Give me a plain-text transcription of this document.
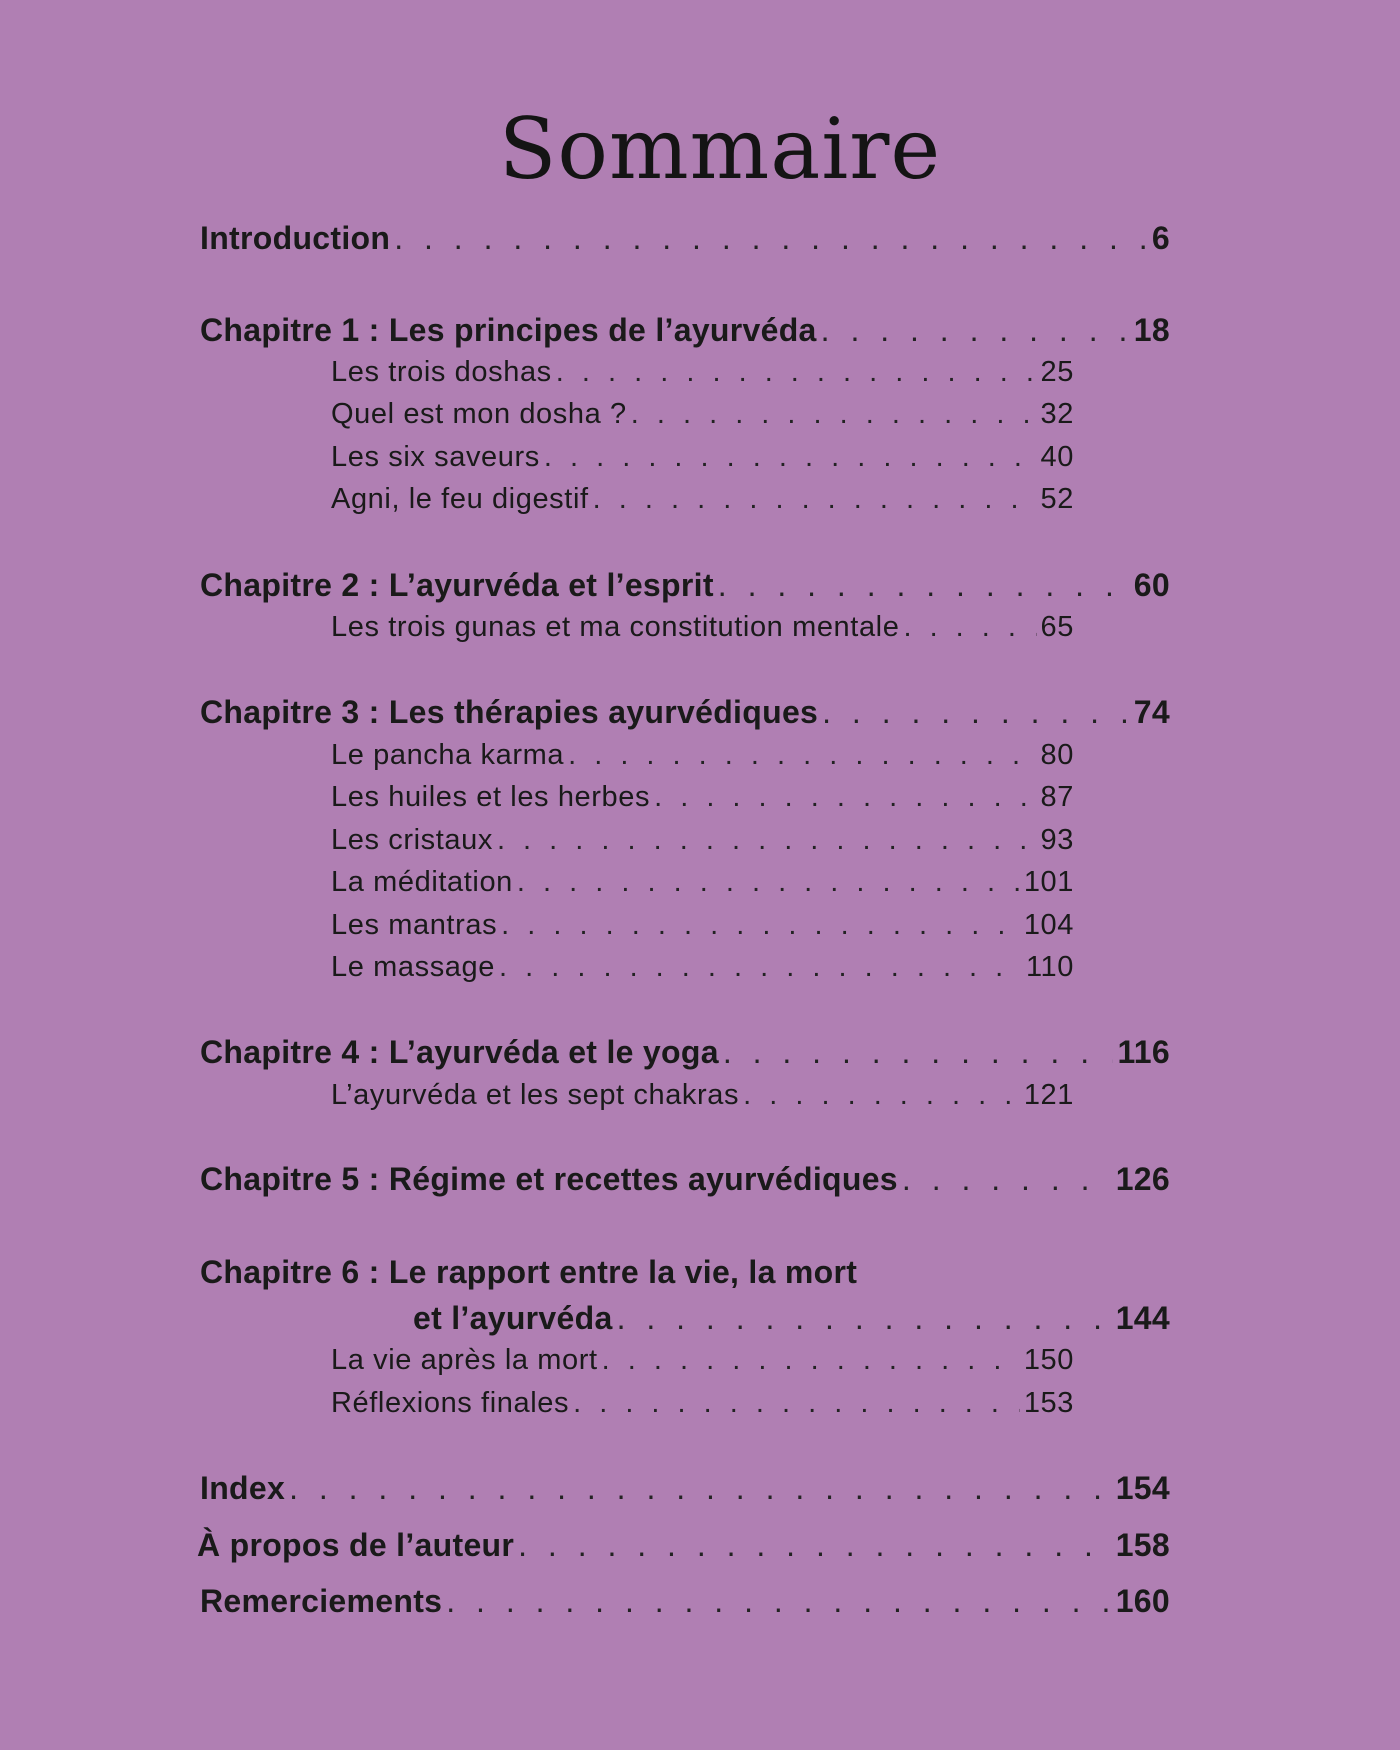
Sommaire
Introduction . . .	6
Chapitre 1 : Les principes de l’ayurvéda . . .	18
Les trois doshas . . .	25
Quel est mon dosha ? . . .	32
Les six saveurs . . .	40
Agni, le feu digestif . . .	52
Chapitre 2 : L’ayurvéda et l’esprit . . .	60
Les trois gunas et ma constitution mentale . . .	65
Chapitre 3 : Les thérapies ayurvédiques . . .	74
Le pancha karma . . .	80
Les huiles et les herbes . . .	87
Les cristaux . . .	93
La méditation . . .	101
Les mantras . . .	104
Le massage . . .	110
Chapitre 4 : L’ayurvéda et le yoga . . .	116
L’ayurvéda et les sept chakras . . .	121
Chapitre 5 : Régime et recettes ayurvédiques . . .	126
Chapitre 6 : Le rapport entre la vie, la mort
et l’ayurvéda . . .	144
La vie après la mort . . .	150
Réflexions finales . . .	153
Index . . .	154
À propos de l’auteur . . .	158
Remerciements . . .	160
